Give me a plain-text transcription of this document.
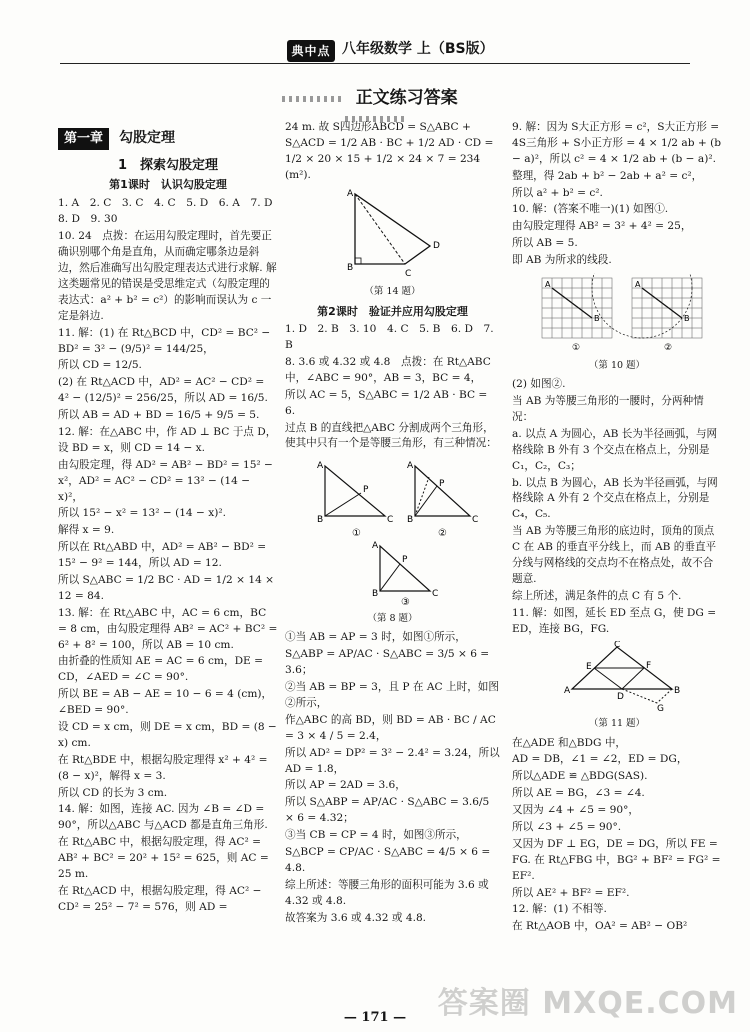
典中点 八年级数学 上（BS版）
正文练习答案
第一章	勾股定理
1　探索勾股定理
第1课时　认识勾股定理

1. A　2. C　3. C　4. C　5. D　6. A　7. D

8. D　9. 30

10. 24　点拨：在运用勾股定理时，首先要正确识别哪个角是直角，从而确定哪条边是斜边，然后准确写出勾股定理表达式进行求解. 解这类题常见的错误是受思维定式（勾股定理的表达式：a² + b² = c²）的影响而误认为 c 一定是斜边.

11. 解：(1) 在 Rt△BCD 中，CD² = BC² − BD² = 3² − (9/5)² = 144/25，

所以 CD = 12/5.

(2) 在 Rt△ACD 中，AD² = AC² − CD² = 4² − (12/5)² = 256/25，所以 AD = 16/5.

所以 AB = AD + BD = 16/5 + 9/5 = 5.

12. 解：在△ABC 中，作 AD ⊥ BC 于点 D，设 BD = x，则 CD = 14 − x.

由勾股定理，得 AD² = AB² − BD² = 15² − x²，AD² = AC² − CD² = 13² − (14 − x)²，

所以 15² − x² = 13² − (14 − x)².

解得 x = 9.

所以在 Rt△ABD 中，AD² = AB² − BD² = 15² − 9² = 144，所以 AD = 12.

所以 S△ABC = 1/2 BC · AD = 1/2 × 14 × 12 = 84.

13. 解：在 Rt△ABC 中，AC = 6 cm，BC = 8 cm，由勾股定理得 AB² = AC² + BC² = 6² + 8² = 100，所以 AB = 10 cm.

由折叠的性质知 AE = AC = 6 cm，DE = CD，∠AED = ∠C = 90°.

所以 BE = AB − AE = 10 − 6 = 4 (cm)，∠BED = 90°.

设 CD = x cm，则 DE = x cm，BD = (8 − x) cm.

在 Rt△BDE 中，根据勾股定理得 x² + 4² = (8 − x)²，解得 x = 3.

所以 CD 的长为 3 cm.

14. 解：如图，连接 AC. 因为 ∠B = ∠D = 90°，所以△ABC 与△ACD 都是直角三角形.

在 Rt△ABC 中，根据勾股定理，得 AC² = AB² + BC² = 20² + 15² = 625，则 AC = 25 m.

在 Rt△ACD 中，根据勾股定理，得 AC² − CD² = 25² − 7² = 576，则 AD =

24 m. 故 S四边形ABCD = S△ABC + S△ACD = 1/2 AB · BC + 1/2 AD · CD = 1/2 × 20 × 15 + 1/2 × 24 × 7 = 234 (m²).

A
B
C
D
（第 14 题）
第2课时　验证并应用勾股定理

1. D　2. B　3. 10　4. C　5. B　6. D　7. B

8. 3.6 或 4.32 或 4.8　点拨：在 Rt△ABC 中，∠ABC = 90°，AB = 3，BC = 4，

所以 AC = 5，S△ABC = 1/2 AB · BC = 6.

过点 B 的直线把△ABC 分割成两个三角形，使其中只有一个是等腰三角形，有三种情况：

A
B	C
P
①
A
B	C
P
②
A
B	C
P
③
（第 8 题）

①当 AB = AP = 3 时，如图①所示，

S△ABP = AP/AC · S△ABC = 3/5 × 6 = 3.6；

②当 AB = BP = 3，且 P 在 AC 上时，如图②所示，

作△ABC 的高 BD，则 BD = AB · BC / AC = 3 × 4 / 5 = 2.4，

所以 AD² = DP² = 3² − 2.4² = 3.24，所以 AD = 1.8，

所以 AP = 2AD = 3.6，

所以 S△ABP = AP/AC · S△ABC = 3.6/5 × 6 = 4.32；

③当 CB = CP = 4 时，如图③所示，

S△BCP = CP/AC · S△ABC = 4/5 × 6 = 4.8.

综上所述：等腰三角形的面积可能为 3.6 或 4.32 或 4.8.

故答案为 3.6 或 4.32 或 4.8.

9. 解：因为 S大正方形 = c²，S大正方形 = 4S三角形 + S小正方形 = 4 × 1/2 ab + (b − a)²，所以 c² = 4 × 1/2 ab + (b − a)².

整理，得 2ab + b² − 2ab + a² = c²，

所以 a² + b² = c².

10. 解：(答案不唯一)(1) 如图①.

由勾股定理得 AB² = 3² + 4² = 25，

所以 AB = 5.

即 AB 为所求的线段.

A
B
A
B
①	②
（第 10 题）

(2) 如图②.

当 AB 为等腰三角形的一腰时，分两种情况：

a. 以点 A 为圆心，AB 长为半径画弧，与网格线除 B 外有 3 个交点在格点上，分别是 C₁，C₂，C₃；

b. 以点 B 为圆心，AB 长为半径画弧，与网格线除 A 外有 2 个交点在格点上，分别是 C₄，C₅.

当 AB 为等腰三角形的底边时，顶角的顶点 C 在 AB 的垂直平分线上，而 AB 的垂直平分线与网格线的交点均不在格点处，故不合题意.

综上所述，满足条件的点 C 有 5 个.

11. 解：如图，延长 ED 至点 G，使 DG = ED，连接 BG，FG.

A	B
C
E	F
D
G
（第 11 题）

在△ADE 和△BDG 中，

AD = DB，∠1 = ∠2，ED = DG，

所以△ADE ≌ △BDG(SAS).

所以 AE = BG，∠3 = ∠4.

又因为 ∠4 + ∠5 = 90°，

所以 ∠3 + ∠5 = 90°.

又因为 DF ⊥ EG，DE = DG，所以 FE = FG. 在 Rt△FBG 中，BG² + BF² = FG² = EF².

所以 AE² + BF² = EF².

12. 解：(1) 不相等.

在 Rt△AOB 中，OA² = AB² − OB²

— 171 —	答案圈 MXQE.COM
